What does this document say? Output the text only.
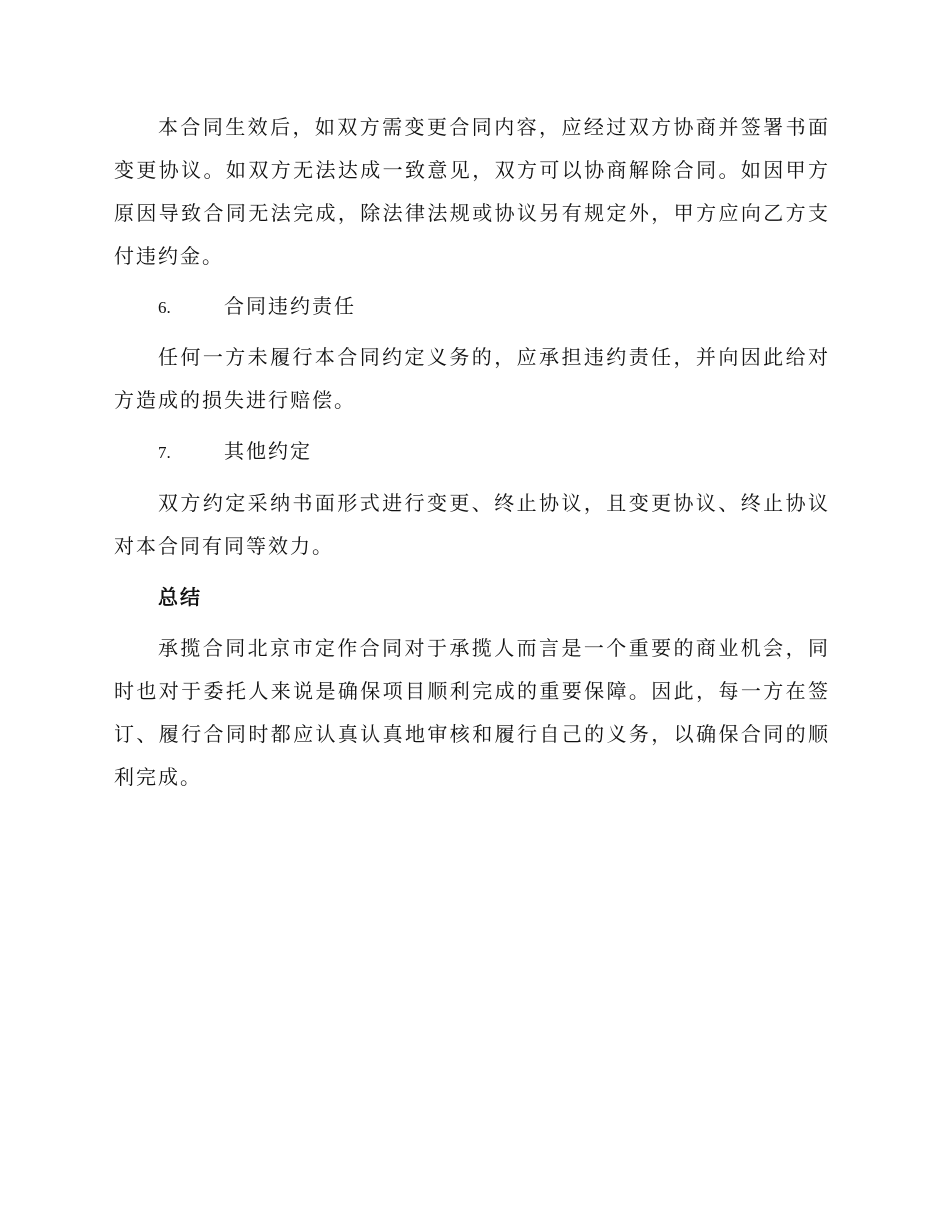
本合同生效后，如双方需变更合同内容，应经过双方协商并签署书面变更协议。如双方无法达成一致意见，双方可以协商解除合同。如因甲方原因导致合同无法完成，除法律法规或协议另有规定外，甲方应向乙方支付违约金。

6.	合同违约责任

任何一方未履行本合同约定义务的，应承担违约责任，并向因此给对方造成的损失进行赔偿。

7.	其他约定

双方约定采纳书面形式进行变更、终止协议，且变更协议、终止协议对本合同有同等效力。

总结

承揽合同北京市定作合同对于承揽人而言是一个重要的商业机会，同时也对于委托人来说是确保项目顺利完成的重要保障。因此，每一方在签订、履行合同时都应认真认真地审核和履行自己的义务，以确保合同的顺利完成。
